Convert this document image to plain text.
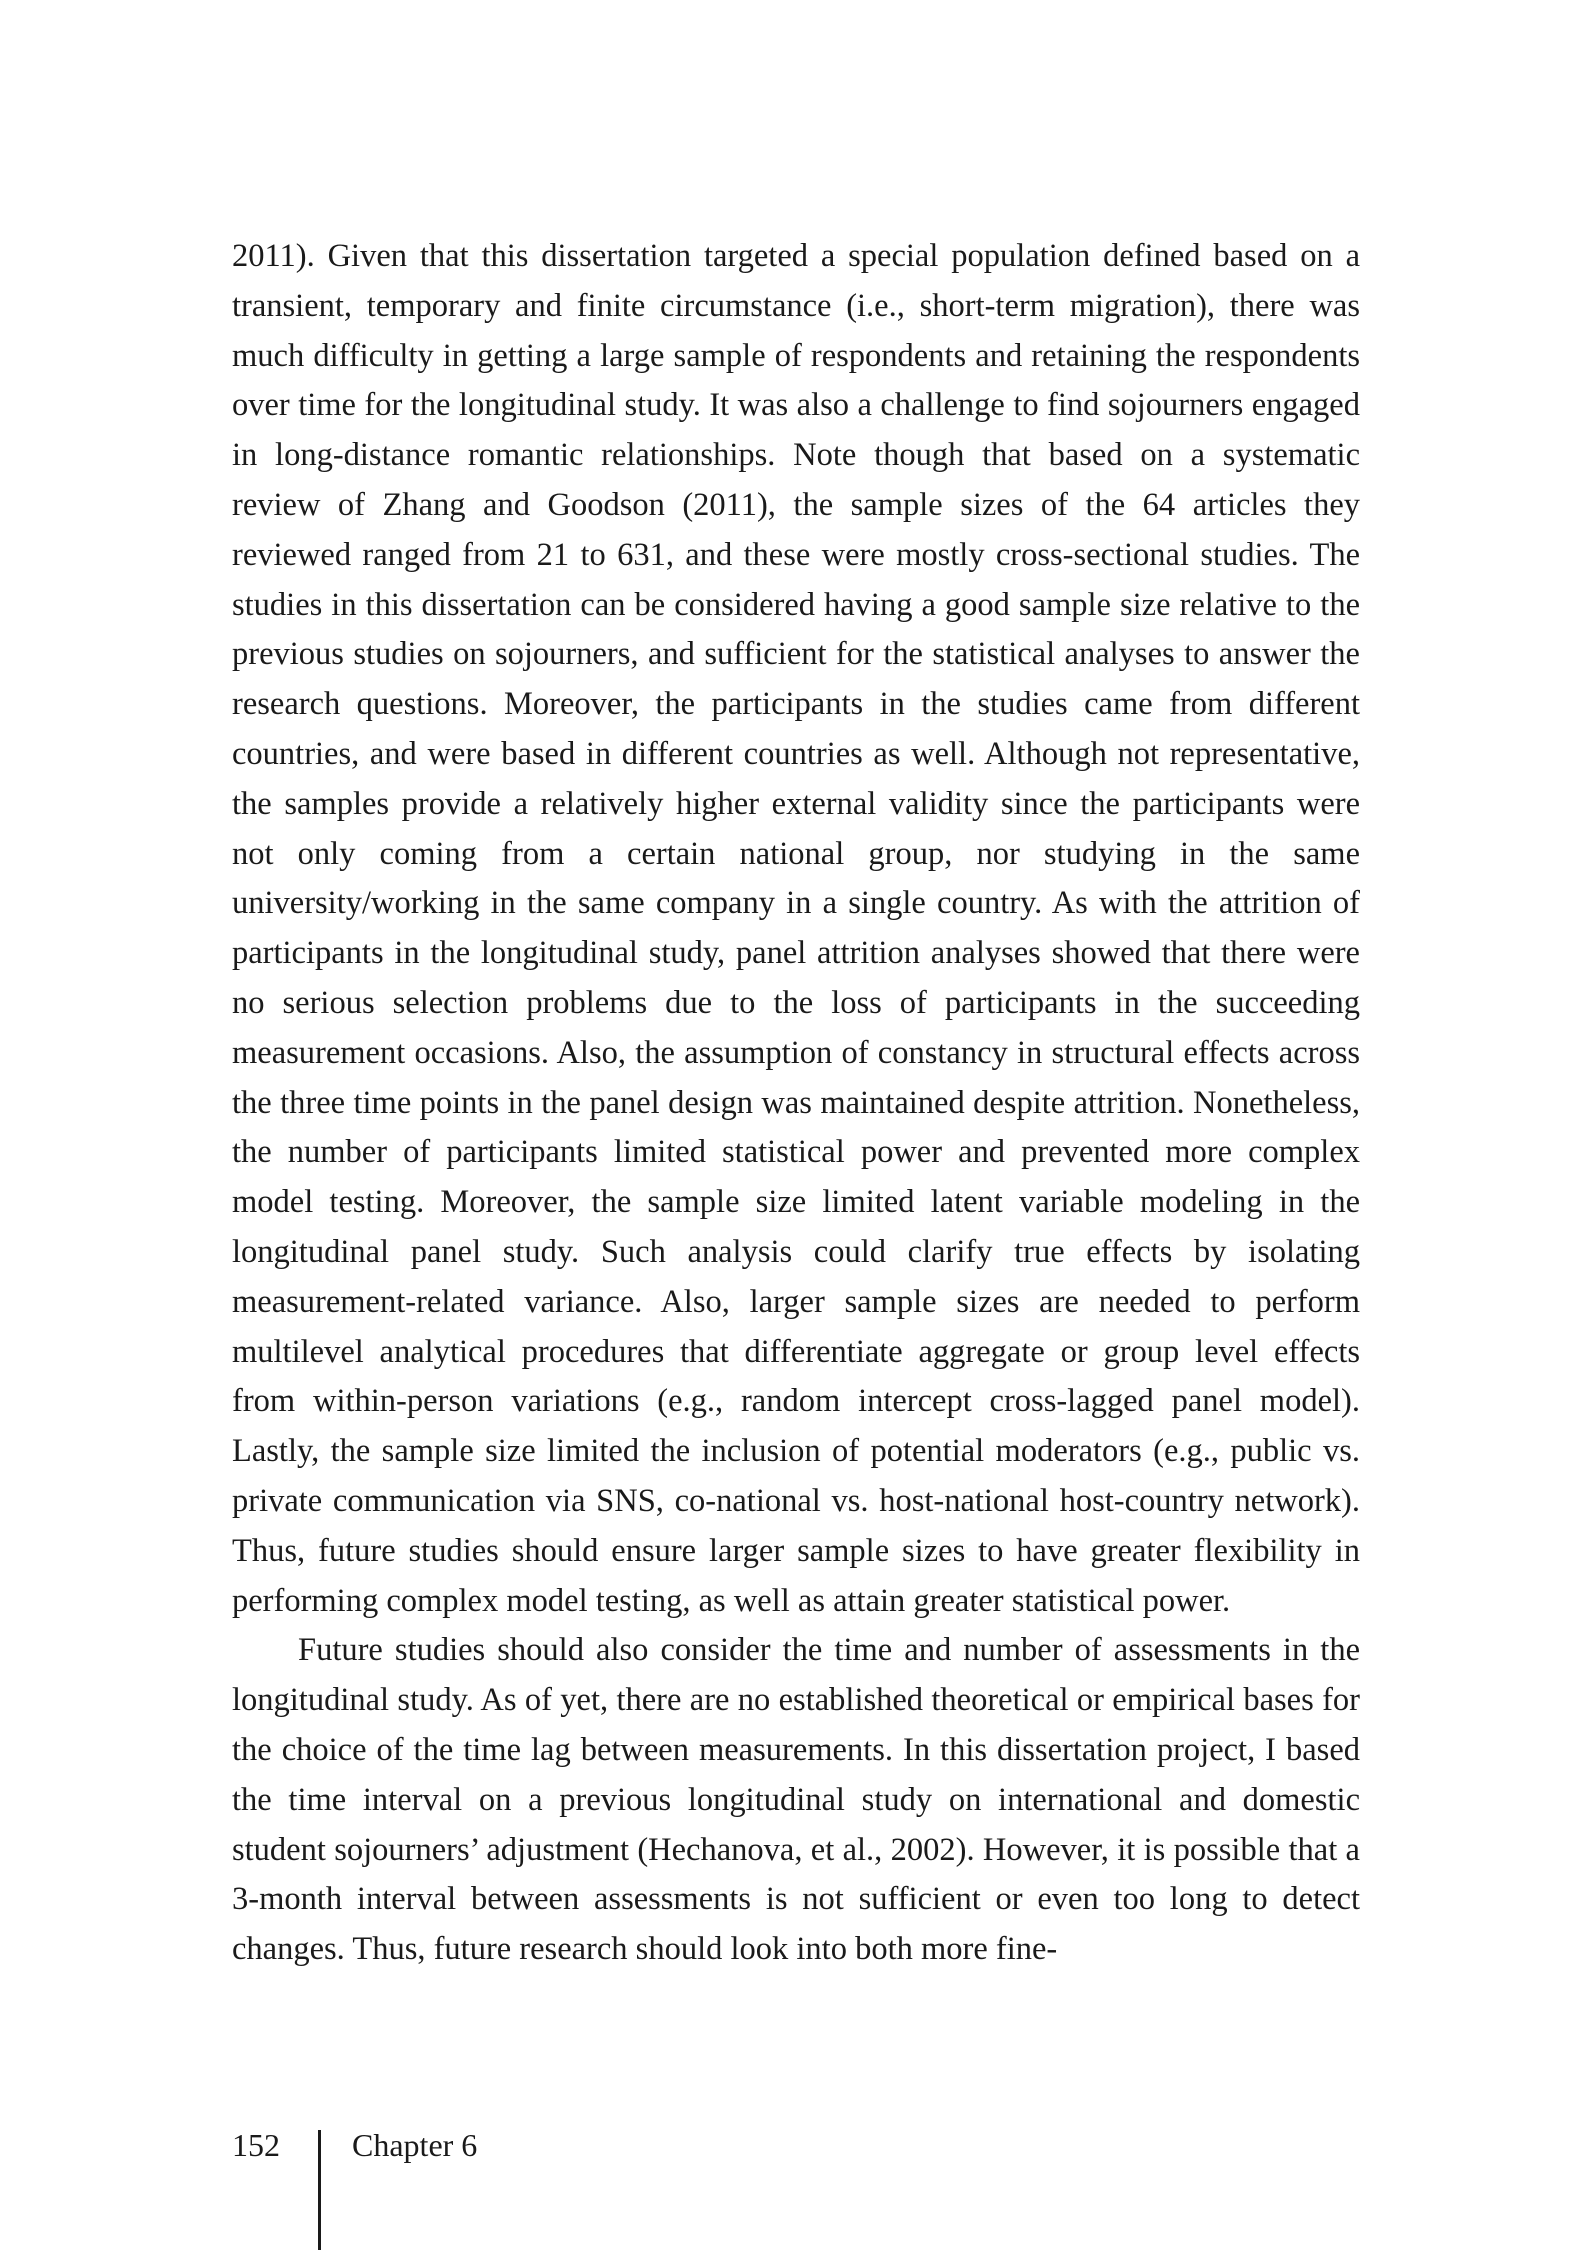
2011). Given that this dissertation targeted a special population defined based on a transient, temporary and finite circumstance (i.e., short-term migration), there was much difficulty in getting a large sample of respondents and retaining the respondents over time for the longitudinal study. It was also a challenge to find sojourners engaged in long-distance romantic relationships. Note though that based on a systematic review of Zhang and Goodson (2011), the sample sizes of the 64 articles they reviewed ranged from 21 to 631, and these were mostly cross-sectional studies. The studies in this dissertation can be considered having a good sample size relative to the previous studies on sojourners, and sufficient for the statistical analyses to answer the research questions. Moreover, the participants in the studies came from different countries, and were based in different countries as well. Although not representative, the samples provide a relatively higher external validity since the participants were not only coming from a certain national group, nor studying in the same university/working in the same company in a single country. As with the attrition of participants in the longitudinal study, panel attrition analyses showed that there were no serious selection problems due to the loss of participants in the succeeding measurement occasions. Also, the assumption of constancy in structural effects across the three time points in the panel design was maintained despite attrition. Nonetheless, the number of participants limited statistical power and prevented more complex model testing. Moreover, the sample size limited latent variable modeling in the longitudinal panel study. Such analysis could clarify true effects by isolating measurement-related variance. Also, larger sample sizes are needed to perform multilevel analytical procedures that differentiate aggregate or group level effects from within-person variations (e.g., random intercept cross-lagged panel model). Lastly, the sample size limited the inclusion of potential moderators (e.g., public vs. private communication via SNS, co-national vs. host-national host-country network). Thus, future studies should ensure larger sample sizes to have greater flexibility in performing complex model testing, as well as attain greater statistical power.

Future studies should also consider the time and number of assessments in the longitudinal study. As of yet, there are no established theoretical or empirical bases for the choice of the time lag between measurements. In this dissertation project, I based the time interval on a previous longitudinal study on international and domestic student sojourners’ adjustment (Hechanova, et al., 2002). However, it is possible that a 3-month interval between assessments is not sufficient or even too long to detect changes. Thus, future research should look into both more fine-

152 Chapter 6
